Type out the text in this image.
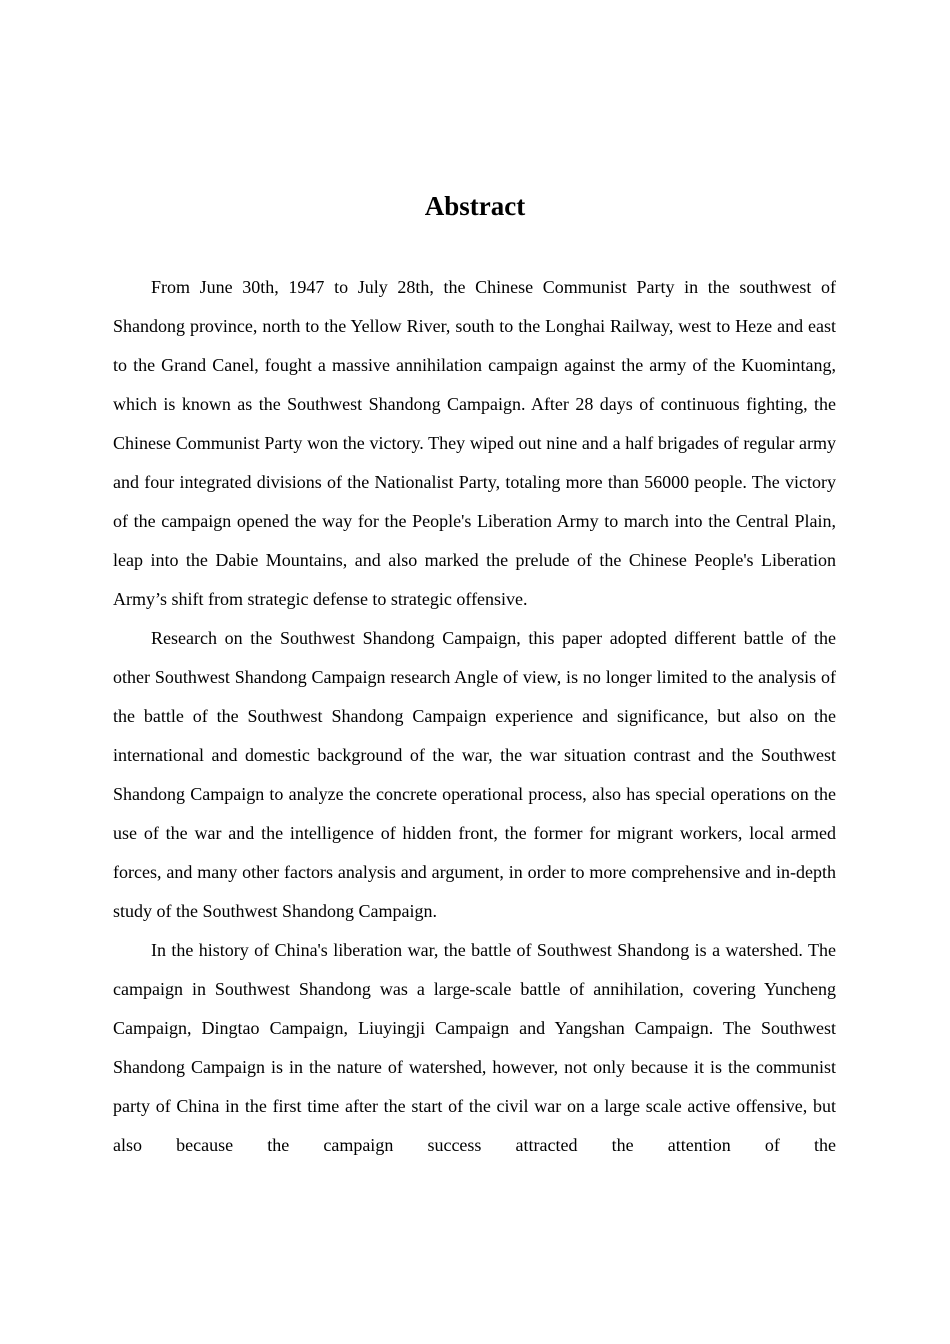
Abstract

From June 30th, 1947 to July 28th, the Chinese Communist Party in the southwest of Shandong province, north to the Yellow River, south to the Longhai Railway, west to Heze and east to the Grand Canel, fought a massive annihilation campaign against the army of the Kuomintang, which is known as the Southwest Shandong Campaign. After 28 days of continuous fighting, the Chinese Communist Party won the victory. They wiped out nine and a half brigades of regular army and four integrated divisions of the Nationalist Party, totaling more than 56000 people. The victory of the campaign opened the way for the People's Liberation Army to march into the Central Plain, leap into the Dabie Mountains, and also marked the prelude of the Chinese People's Liberation Army’s shift from strategic defense to strategic offensive.

Research on the Southwest Shandong Campaign, this paper adopted different battle of the other Southwest Shandong Campaign research Angle of view, is no longer limited to the analysis of the battle of the Southwest Shandong Campaign experience and significance, but also on the international and domestic background of the war, the war situation contrast and the Southwest Shandong Campaign to analyze the concrete operational process, also has special operations on the use of the war and the intelligence of hidden front, the former for migrant workers, local armed forces, and many other factors analysis and argument, in order to more comprehensive and in-depth study of the Southwest Shandong Campaign.

In the history of China's liberation war, the battle of Southwest Shandong is a watershed. The campaign in Southwest Shandong was a large-scale battle of annihilation, covering Yuncheng Campaign, Dingtao Campaign, Liuyingji Campaign and Yangshan Campaign. The Southwest Shandong Campaign is in the nature of watershed, however, not only because it is the communist party of China in the first time after the start of the civil war on a large scale active offensive, but also because the campaign success attracted the attention of the
